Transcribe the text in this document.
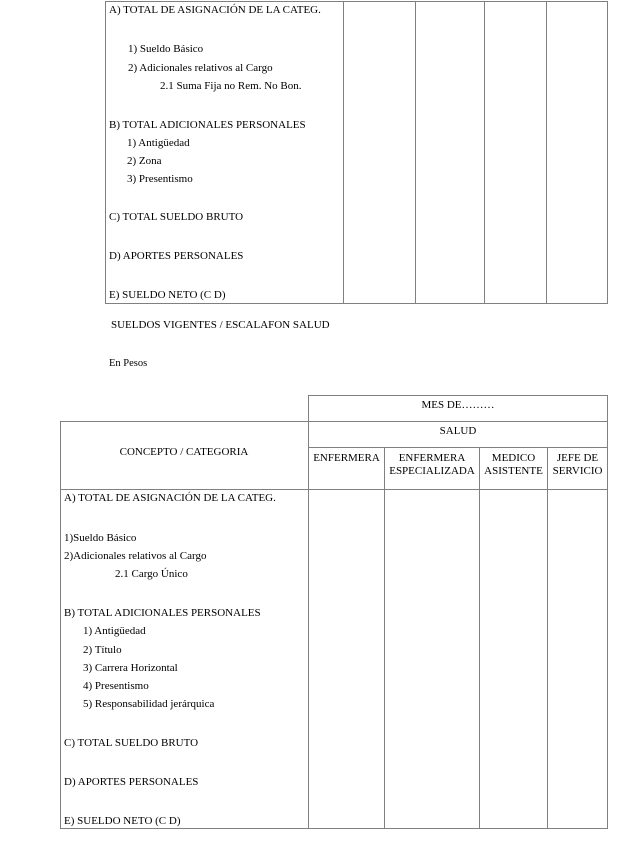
A) TOTAL DE ASIGNACIÓN DE LA CATEG.
1) Sueldo Básico
2) Adicionales relativos al Cargo
2.1 Suma Fija no Rem. No Bon.
B) TOTAL ADICIONALES PERSONALES
1) Antigüedad
2) Zona
3) Presentismo
C) TOTAL SUELDO BRUTO
D) APORTES PERSONALES
E) SUELDO NETO (C D)
SUELDOS VIGENTES / ESCALAFON SALUD
En Pesos
MES DE………
SALUD
CONCEPTO / CATEGORIA	ENFERMERA	ENFERMERA ESPECIALIZADA
MEDICO ASISTENTE
JEFE DE SERVICIO
A) TOTAL DE ASIGNACIÓN DE LA CATEG.
1)Sueldo Básico
2)Adicionales relativos al Cargo
2.1 Cargo Único
B) TOTAL ADICIONALES PERSONALES
1) Antigüedad
2) Título
3) Carrera Horizontal
4) Presentismo
5) Responsabilidad jerárquica
C) TOTAL SUELDO BRUTO
D) APORTES PERSONALES
E) SUELDO NETO (C D)
